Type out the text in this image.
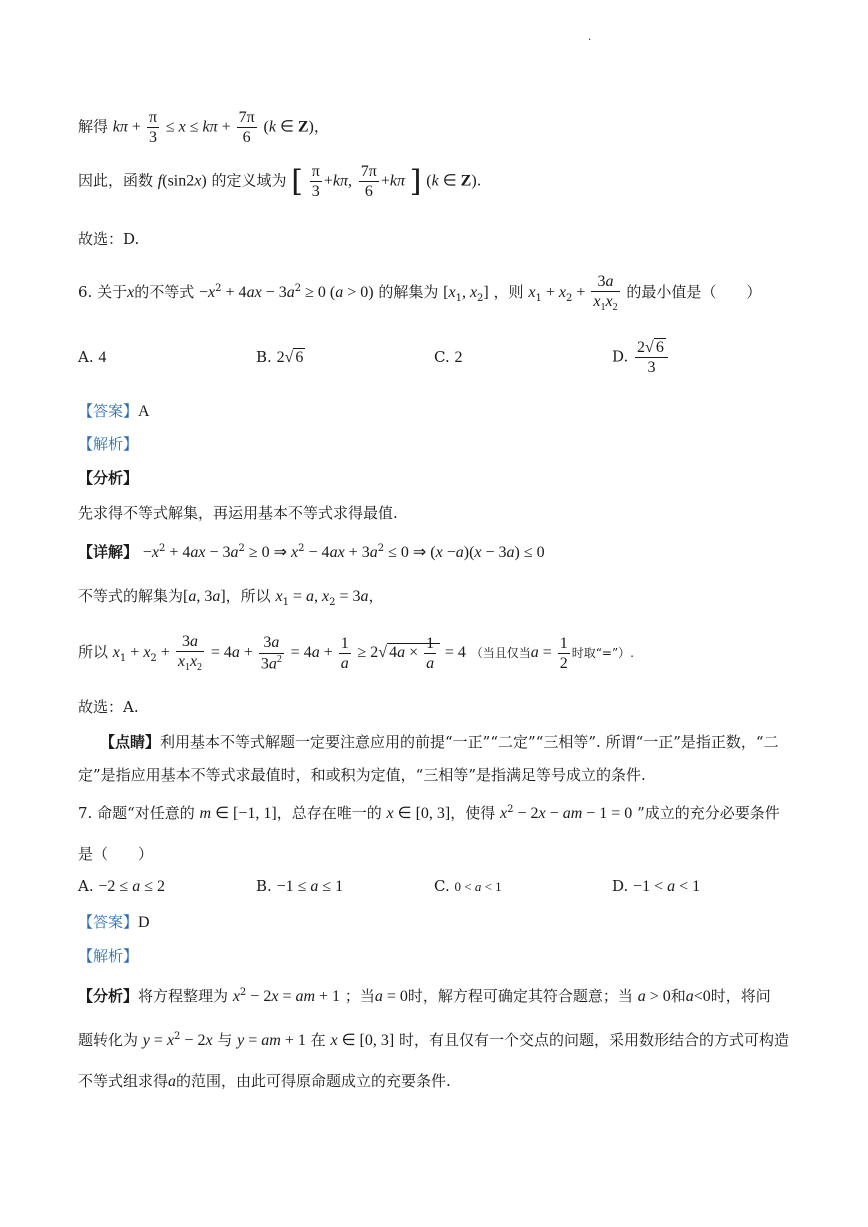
.
解得 $k\pi + \frac{\pi}{3} \le x \le k\pi + \frac{7\pi}{6} (k$ ∈ Z)，
因此，函数 f(sin2x) 的定义域为 [ $\frac{\pi}{3} +k\pi$, $\frac{7\pi}{6} +k\pi$ ] (k ∈ Z).
故选：D.
6. 关于x的不等式 $-x^2 + 4ax - 3a^2 \ge 0$ (a > 0) 的解集为 [$x_1$, $x_2$] ，则 $x_1 + x_2 + \frac{3a}{x_1x_2}$ 的最小值是（　　）
A. 4	B. 2√ 6	C. 2	D. $\frac{2√ 6}{3}$
【答案】A
【解析】
【分析】
先求得不等式解集，再运用基本不等式求得最值.
【详解】 $-x^2 + 4ax - 3a^2 \ge 0$ ⇒ $x^2 - 4ax + 3a^2 \le 0$ ⇒ (x −a)(x − 3a) ≤ 0
不等式的解集为[a, 3a]，所以 $x_1 = a$, $x_2 = 3a$，
所以 $x_1 + x_2 + \frac{3a}{x_1x_2} = 4a + \frac{3a}{3a^2} = 4a + \frac{1}{a} \ge 2√$ $4a \times \frac{1}{a} = 4$ （当且仅当$a = \frac{1}{2}$ 时取“=”）.
故选：A.
【点睛】利用基本不等式解题一定要注意应用的前提“一正”“二定”“三相等”. 所谓“一正”是指正数，“二
定”是指应用基本不等式求最值时，和或积为定值，“三相等”是指满足等号成立的条件.
7. 命题“对任意的 m ∈ [−1, 1]，总存在唯一的 x ∈ [0, 3]，使得 $x^2 - 2x$ − am − 1 = 0 ”成立的充分必要条件
是（　　）
A. −2 ≤ a ≤ 2	B. −1 ≤ a ≤ 1	C. 0 < a < 1	D. −1 < a < 1
【答案】D
【解析】
【分析】将方程整理为 $x^2 - 2x$ = am + 1 ；当a = 0时，解方程可确定其符合题意；当 a > 0和a<0时，将问
题转化为 $y = x^2 - 2x$ 与 y = am + 1 在 x ∈ [0, 3] 时，有且仅有一个交点的问题，采用数形结合的方式可构造
不等式组求得a的范围，由此可得原命题成立的充要条件.
